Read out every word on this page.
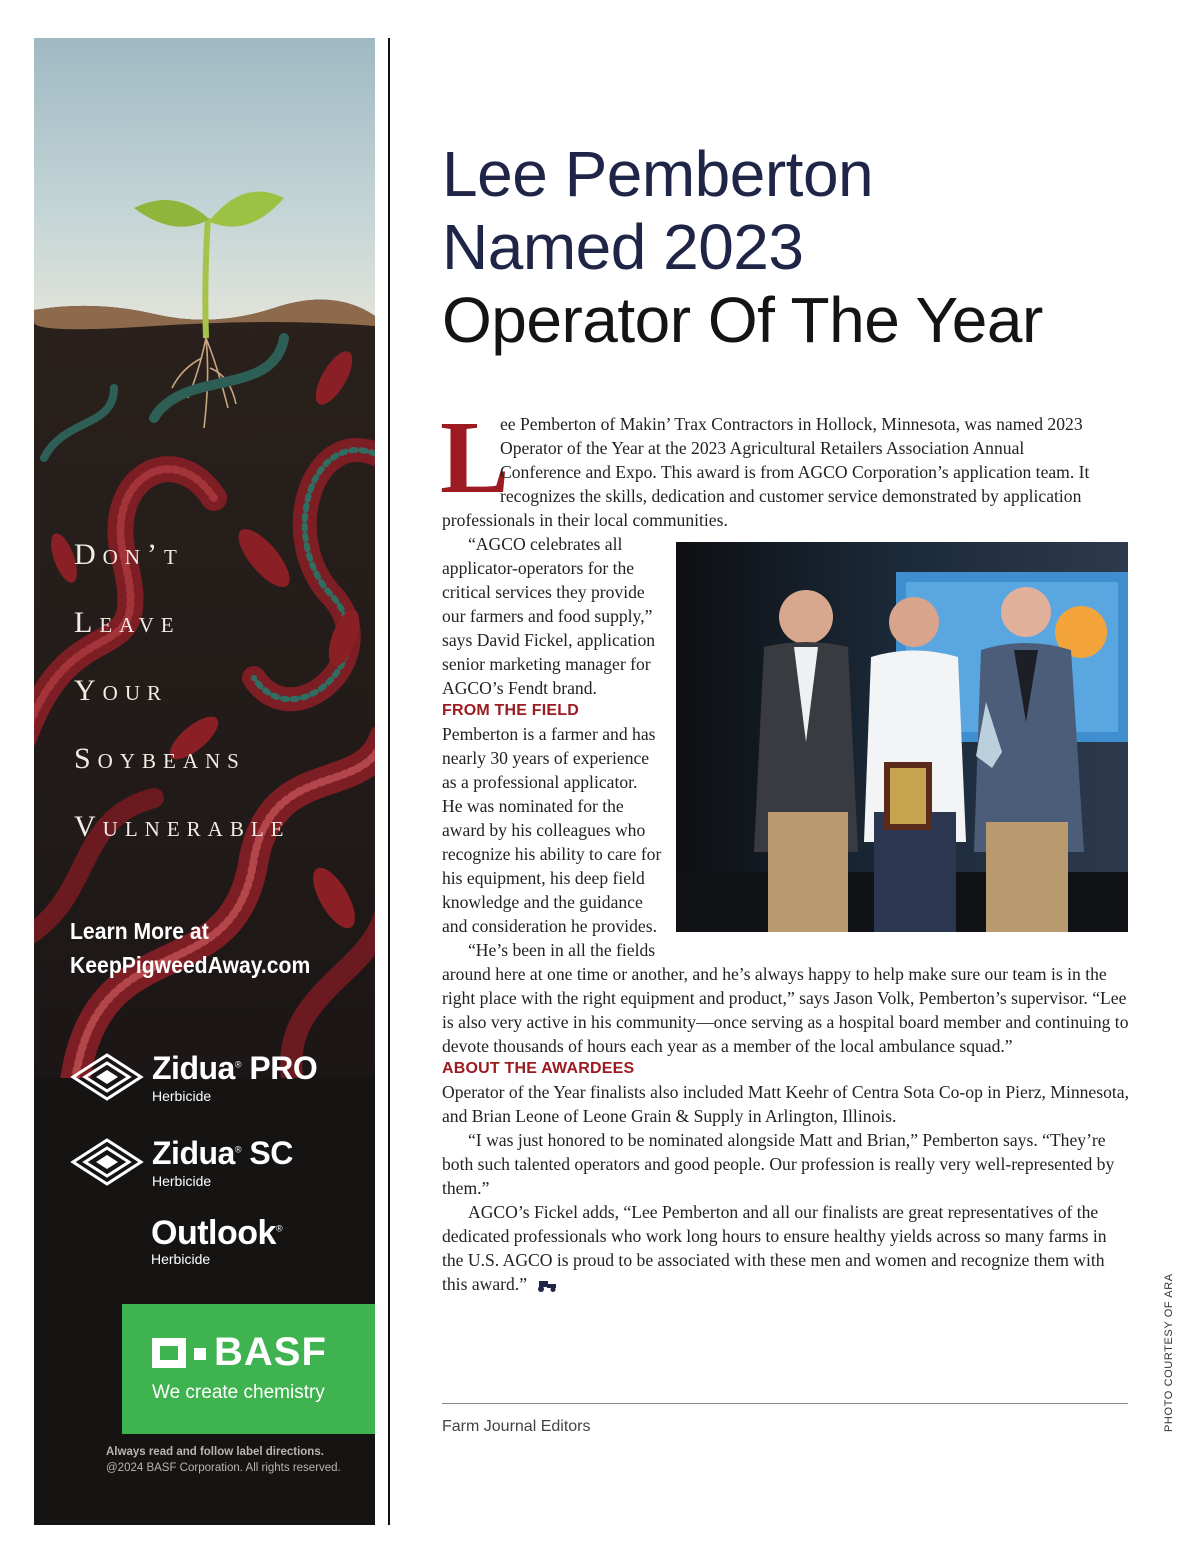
Don’t
Leave
Your
Soybeans
Vulnerable
Learn More at
KeepPigweedAway.com
Zidua® PRO
Herbicide
Zidua® SC
Herbicide
Outlook®
Herbicide
BASF
We create chemistry
Always read and follow label directions.
@2024 BASF Corporation. All rights reserved.
Lee Pemberton
Named 2023
Operator Of The Year
L

ee Pemberton of Makin’ Trax Contractors in Hollock, Minnesota, was named 2023 Operator of the Year at the 2023 Agricultural Retailers Association Annual Conference and Expo. This award is from AGCO Corporation’s application team. It recognizes the skills, dedication and customer service demonstrated by application professionals in their local communities.

“AGCO celebrates all applicator-operators for the critical services they provide our farmers and food supply,” says David Fickel, application senior marketing manager for AGCO’s Fendt brand.

FROM THE FIELD

Pemberton is a farmer and has nearly 30 years of experience as a professional applicator. He was nominated for the award by his colleagues who recognize his ability to care for his equipment, his deep field knowledge and the guidance and consideration he provides.

“He’s been in all the fields around here at one time or another, and he’s always happy to help make sure our team is in the right place with the right equipment and product,” says Jason Volk, Pemberton’s supervisor. “Lee is also very active in his community—once serving as a hospital board member and continuing to devote thousands of hours each year as a member of the local ambulance squad.”

ABOUT THE AWARDEES

Operator of the Year finalists also included Matt Keehr of Centra Sota Co-op in Pierz, Minnesota, and Brian Leone of Leone Grain & Supply in Arlington, Illinois.

“I was just honored to be nominated alongside Matt and Brian,” Pemberton says. “They’re both such talented operators and good people. Our profession is really very well-represented by them.”

AGCO’s Fickel adds, “Lee Pemberton and all our finalists are great representatives of the dedicated professionals who work long hours to ensure healthy yields across so many farms in the U.S. AGCO is proud to be associated with these men and women and recognize them with this award.”

Farm Journal Editors	PHOTO COURTESY OF ARA
